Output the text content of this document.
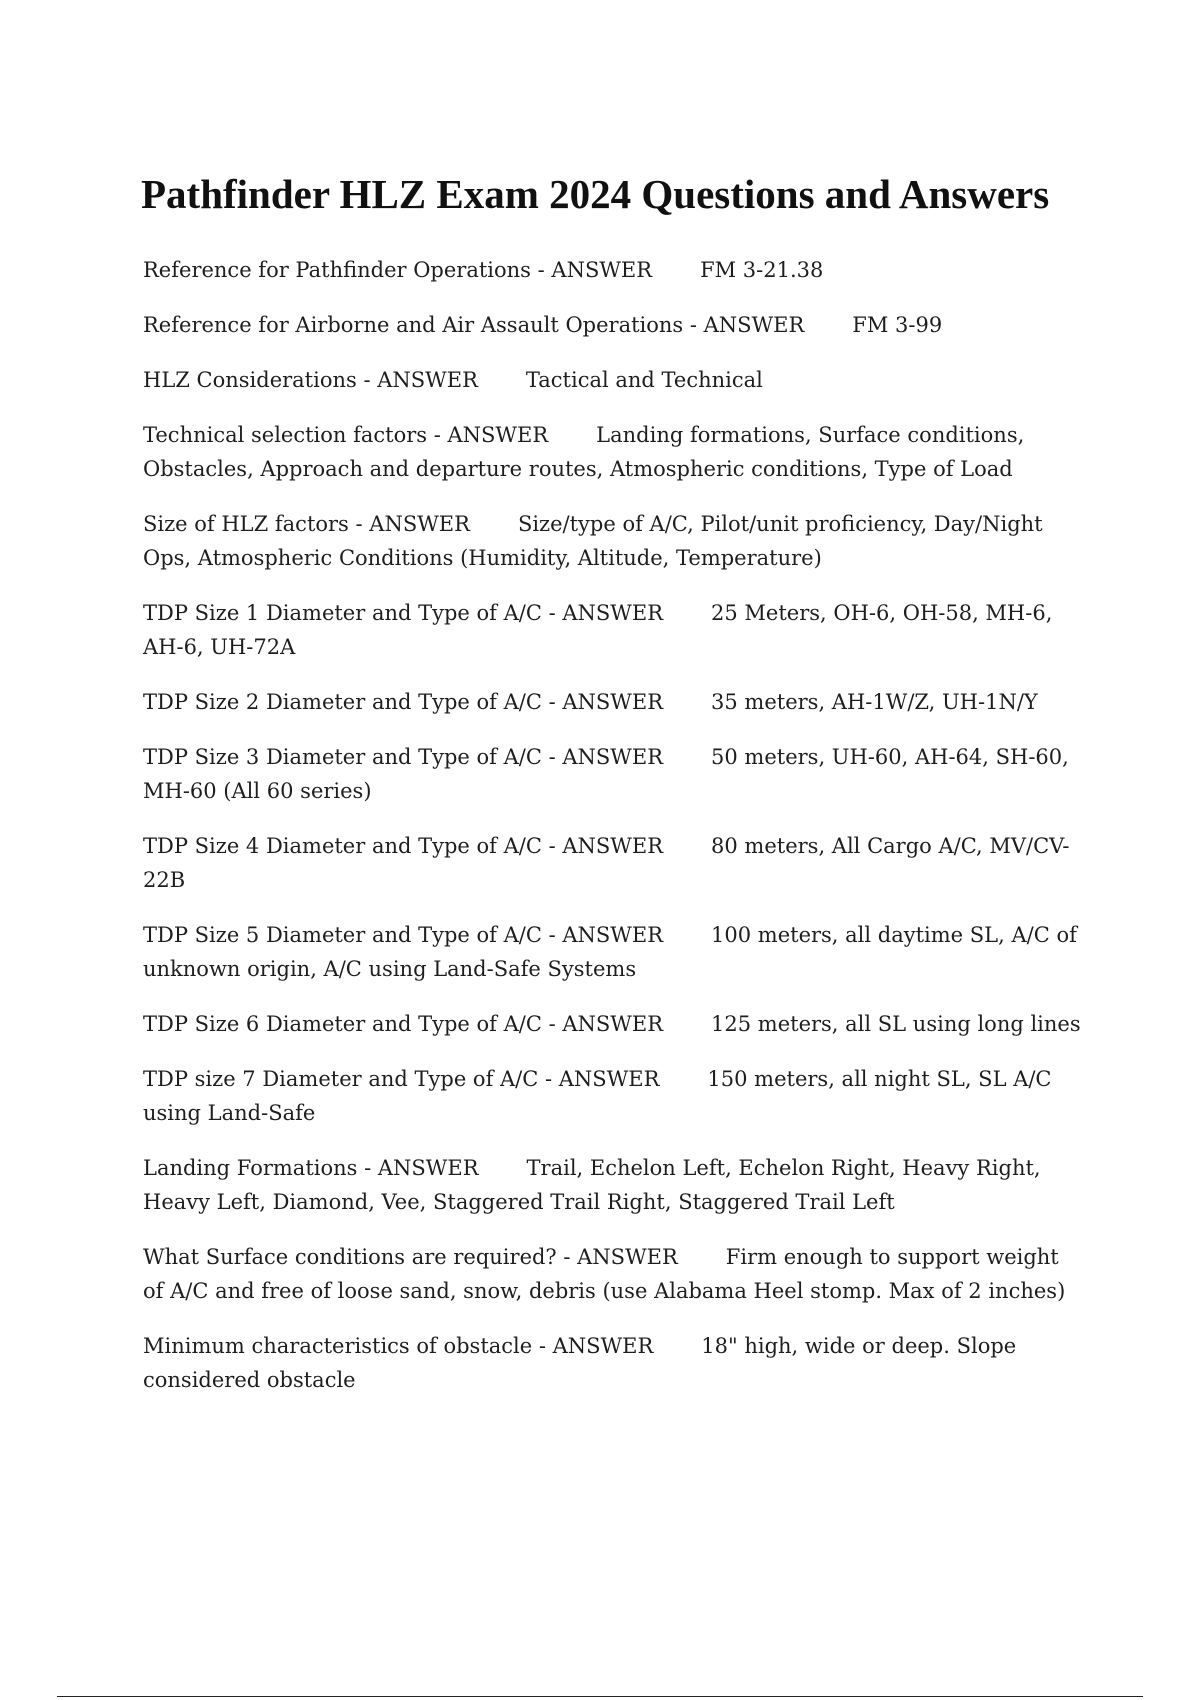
Pathfinder HLZ Exam 2024 Questions and Answers
Reference for Pathfinder Operations - ANSWER FM 3-21.38
Reference for Airborne and Air Assault Operations - ANSWER FM 3-99
HLZ Considerations - ANSWER Tactical and Technical
Technical selection factors - ANSWER Landing formations, Surface conditions, Obstacles, Approach and departure routes, Atmospheric conditions, Type of Load
Size of HLZ factors - ANSWER Size/type of A/C, Pilot/unit proficiency, Day/Night Ops, Atmospheric Conditions (Humidity, Altitude, Temperature)
TDP Size 1 Diameter and Type of A/C - ANSWER 25 Meters, OH-6, OH-58, MH-6, AH-6, UH-72A
TDP Size 2 Diameter and Type of A/C - ANSWER 35 meters, AH-1W/Z, UH-1N/Y
TDP Size 3 Diameter and Type of A/C - ANSWER 50 meters, UH-60, AH-64, SH-60, MH-60 (All 60 series)
TDP Size 4 Diameter and Type of A/C - ANSWER 80 meters, All Cargo A/C, MV/CV-22B
TDP Size 5 Diameter and Type of A/C - ANSWER 100 meters, all daytime SL, A/C of unknown origin, A/C using Land-Safe Systems
TDP Size 6 Diameter and Type of A/C - ANSWER 125 meters, all SL using long lines
TDP size 7 Diameter and Type of A/C - ANSWER 150 meters, all night SL, SL A/C using Land-Safe
Landing Formations - ANSWER Trail, Echelon Left, Echelon Right, Heavy Right, Heavy Left, Diamond, Vee, Staggered Trail Right, Staggered Trail Left
What Surface conditions are required? - ANSWER Firm enough to support weight of A/C and free of loose sand, snow, debris (use Alabama Heel stomp. Max of 2 inches)
Minimum characteristics of obstacle - ANSWER 18" high, wide or deep. Slope considered obstacle
